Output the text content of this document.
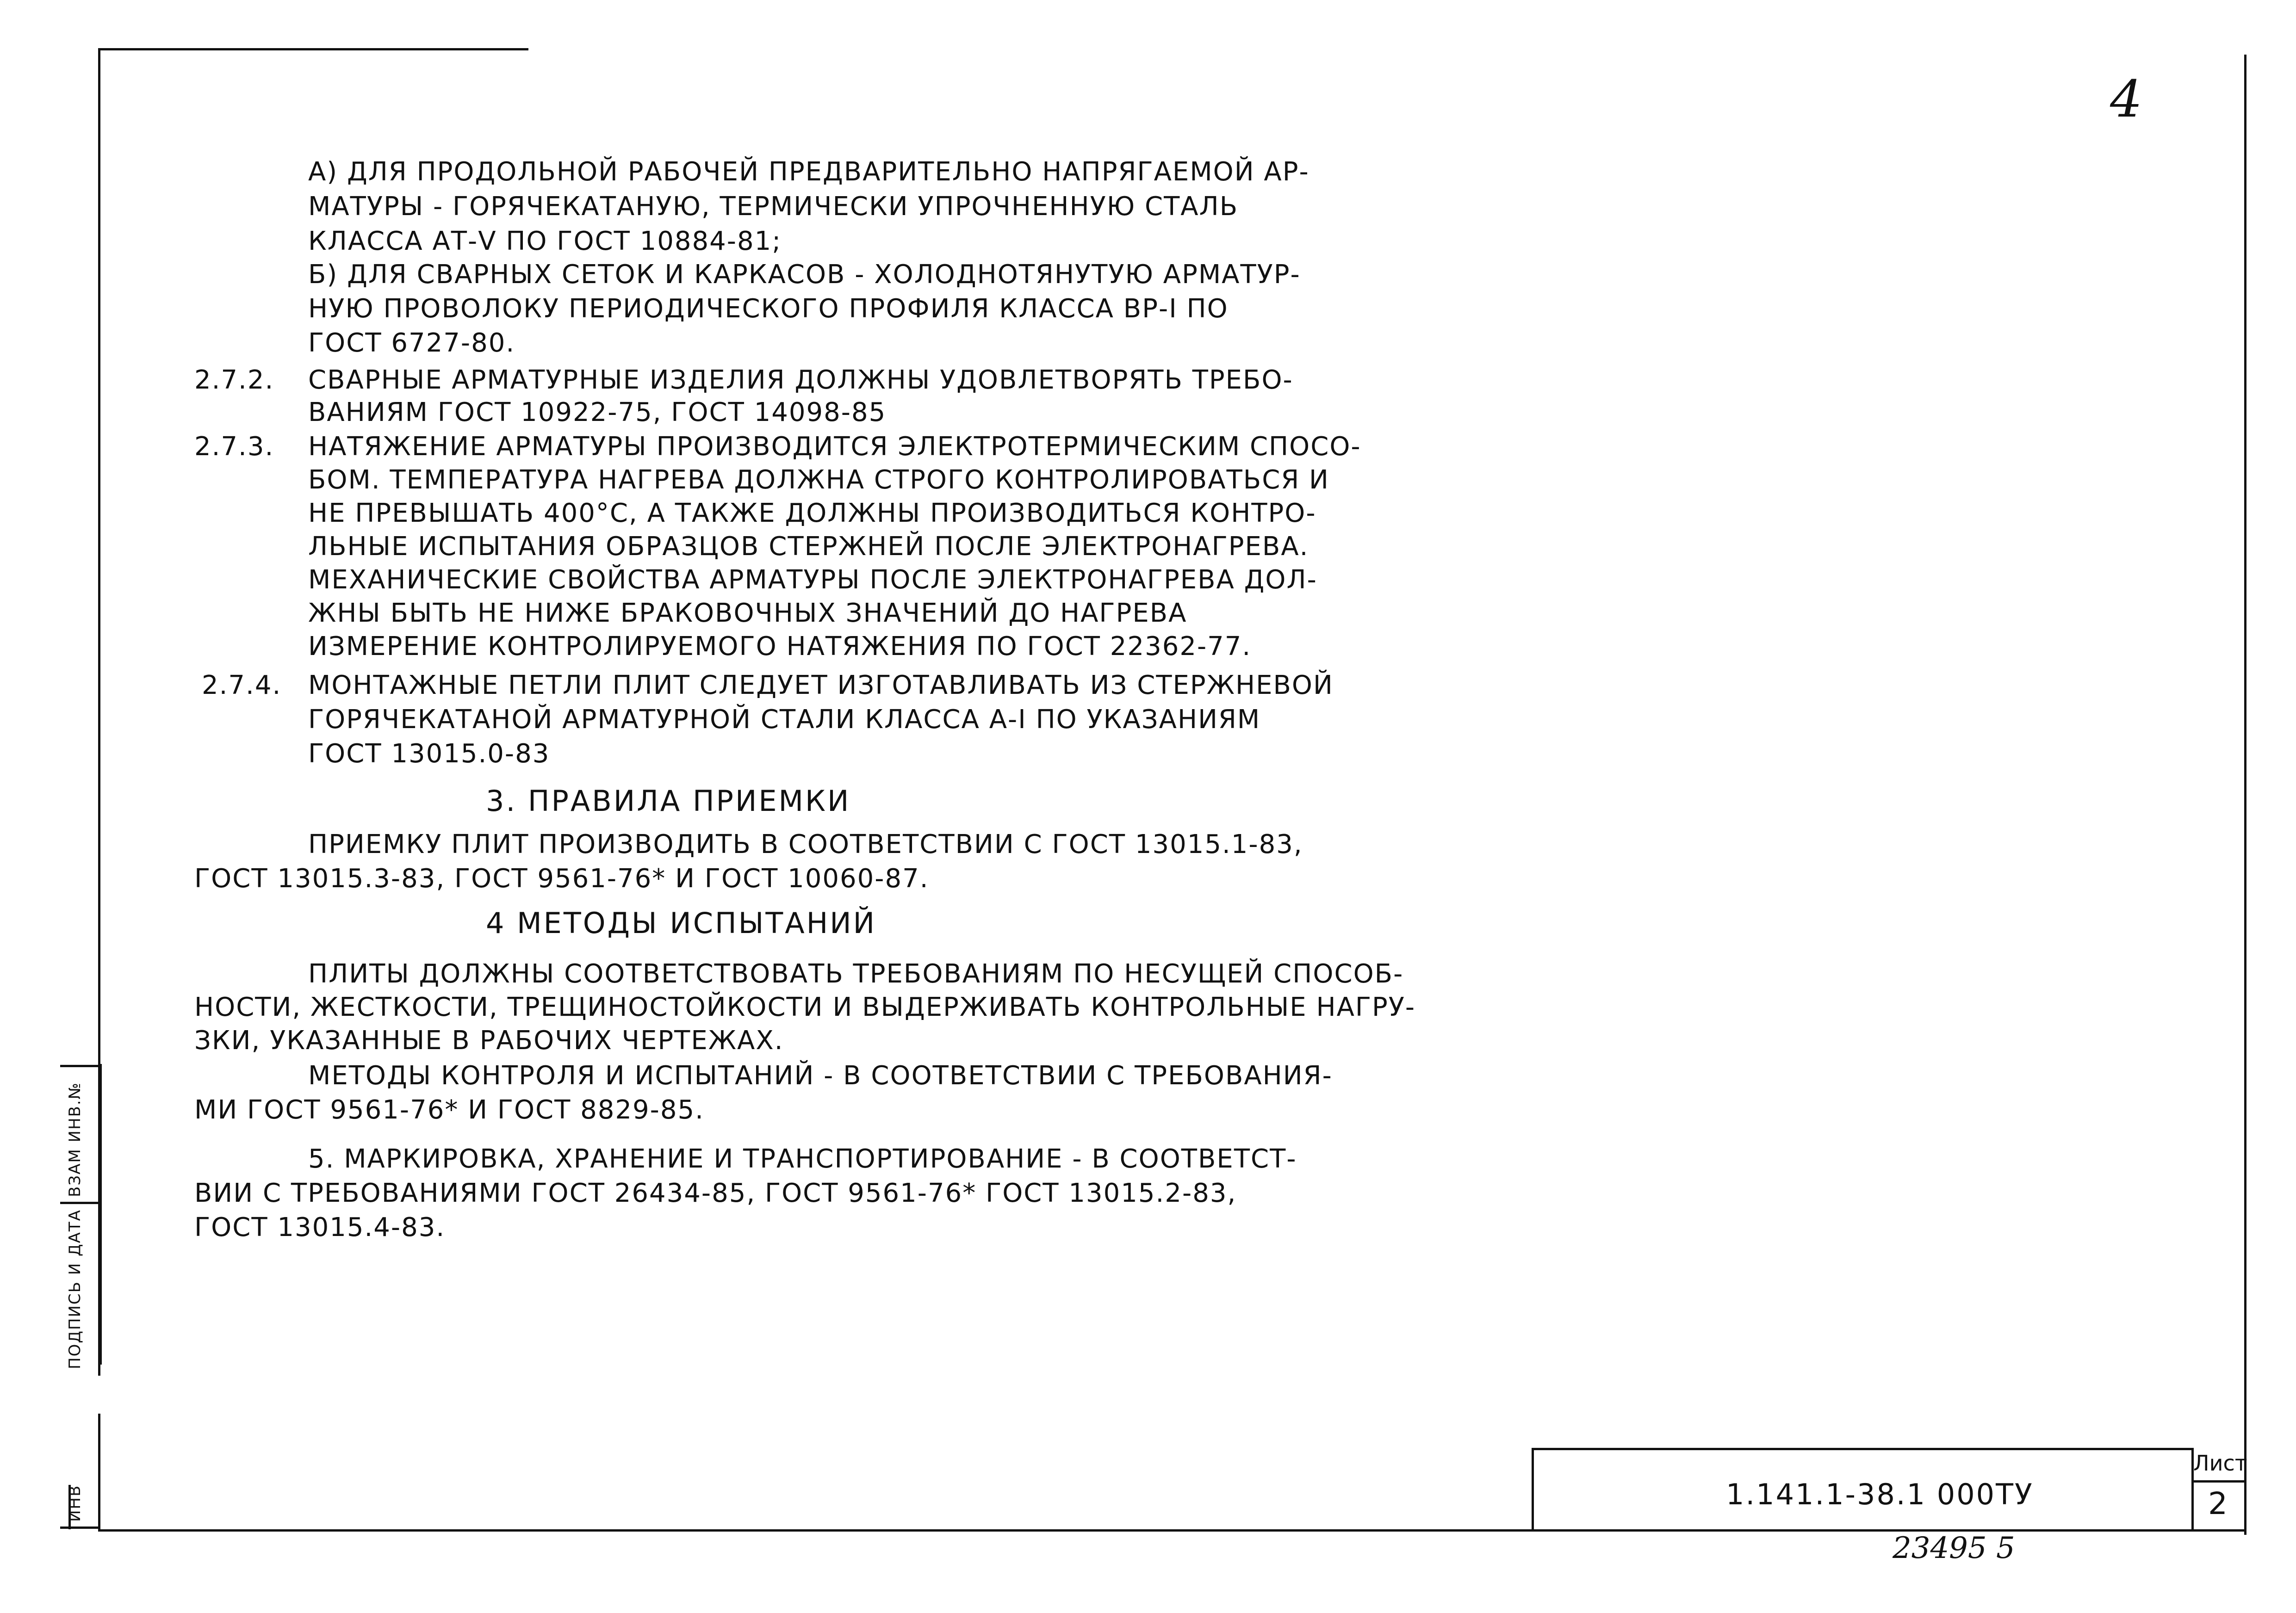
ВЗАМ ИНВ.№
ПОДПИСЬ И ДАТА
ИНВ
4
А) ДЛЯ ПРОДОЛЬНОЙ РАБОЧЕЙ ПРЕДВАРИТЕЛЬНО НАПРЯГАЕМОЙ АР-
МАТУРЫ - ГОРЯЧЕКАТАНУЮ, ТЕРМИЧЕСКИ УПРОЧНЕННУЮ СТАЛЬ
КЛАССА АТ-V ПО ГОСТ 10884-81;
Б) ДЛЯ СВАРНЫХ СЕТОК И КАРКАСОВ - ХОЛОДНОТЯНУТУЮ АРМАТУР-
НУЮ ПРОВОЛОКУ ПЕРИОДИЧЕСКОГО ПРОФИЛЯ КЛАССА ВР-I ПО
ГОСТ 6727-80.
2.7.2. СВАРНЫЕ АРМАТУРНЫЕ ИЗДЕЛИЯ ДОЛЖНЫ УДОВЛЕТВОРЯТЬ ТРЕБО-
ВАНИЯМ ГОСТ 10922-75, ГОСТ 14098-85
2.7.3. НАТЯЖЕНИЕ АРМАТУРЫ ПРОИЗВОДИТСЯ ЭЛЕКТРОТЕРМИЧЕСКИМ СПОСО-
БОМ. ТЕМПЕРАТУРА НАГРЕВА ДОЛЖНА СТРОГО КОНТРОЛИРОВАТЬСЯ И
НЕ ПРЕВЫШАТЬ 400°С, А ТАКЖЕ ДОЛЖНЫ ПРОИЗВОДИТЬСЯ КОНТРО-
ЛЬНЫЕ ИСПЫТАНИЯ ОБРАЗЦОВ СТЕРЖНЕЙ ПОСЛЕ ЭЛЕКТРОНАГРЕВА.
МЕХАНИЧЕСКИЕ СВОЙСТВА АРМАТУРЫ ПОСЛЕ ЭЛЕКТРОНАГРЕВА ДОЛ-
ЖНЫ БЫТЬ НЕ НИЖЕ БРАКОВОЧНЫХ ЗНАЧЕНИЙ ДО НАГРЕВА
ИЗМЕРЕНИЕ КОНТРОЛИРУЕМОГО НАТЯЖЕНИЯ ПО ГОСТ 22362-77.
2.7.4. МОНТАЖНЫЕ ПЕТЛИ ПЛИТ СЛЕДУЕТ ИЗГОТАВЛИВАТЬ ИЗ СТЕРЖНЕВОЙ
ГОРЯЧЕКАТАНОЙ АРМАТУРНОЙ СТАЛИ КЛАССА А-I ПО УКАЗАНИЯМ
ГОСТ 13015.0-83
3. ПРАВИЛА ПРИЕМКИ
ПРИЕМКУ ПЛИТ ПРОИЗВОДИТЬ В СООТВЕТСТВИИ С ГОСТ 13015.1-83,
ГОСТ 13015.3-83, ГОСТ 9561-76* И ГОСТ 10060-87.
4 МЕТОДЫ ИСПЫТАНИЙ
ПЛИТЫ ДОЛЖНЫ СООТВЕТСТВОВАТЬ ТРЕБОВАНИЯМ ПО НЕСУЩЕЙ СПОСОБ-
НОСТИ, ЖЕСТКОСТИ, ТРЕЩИНОСТОЙКОСТИ И ВЫДЕРЖИВАТЬ КОНТРОЛЬНЫЕ НАГРУ-
ЗКИ, УКАЗАННЫЕ В РАБОЧИХ ЧЕРТЕЖАХ.
МЕТОДЫ КОНТРОЛЯ И ИСПЫТАНИЙ - В СООТВЕТСТВИИ С ТРЕБОВАНИЯ-
МИ ГОСТ 9561-76* И ГОСТ 8829-85.
5. МАРКИРОВКА, ХРАНЕНИЕ И ТРАНСПОРТИРОВАНИЕ - В СООТВЕТСТ-
ВИИ С ТРЕБОВАНИЯМИ ГОСТ 26434-85, ГОСТ 9561-76* ГОСТ 13015.2-83,
ГОСТ 13015.4-83.
1.141.1-38.1 000ТУ
Лист
2
23495 5
